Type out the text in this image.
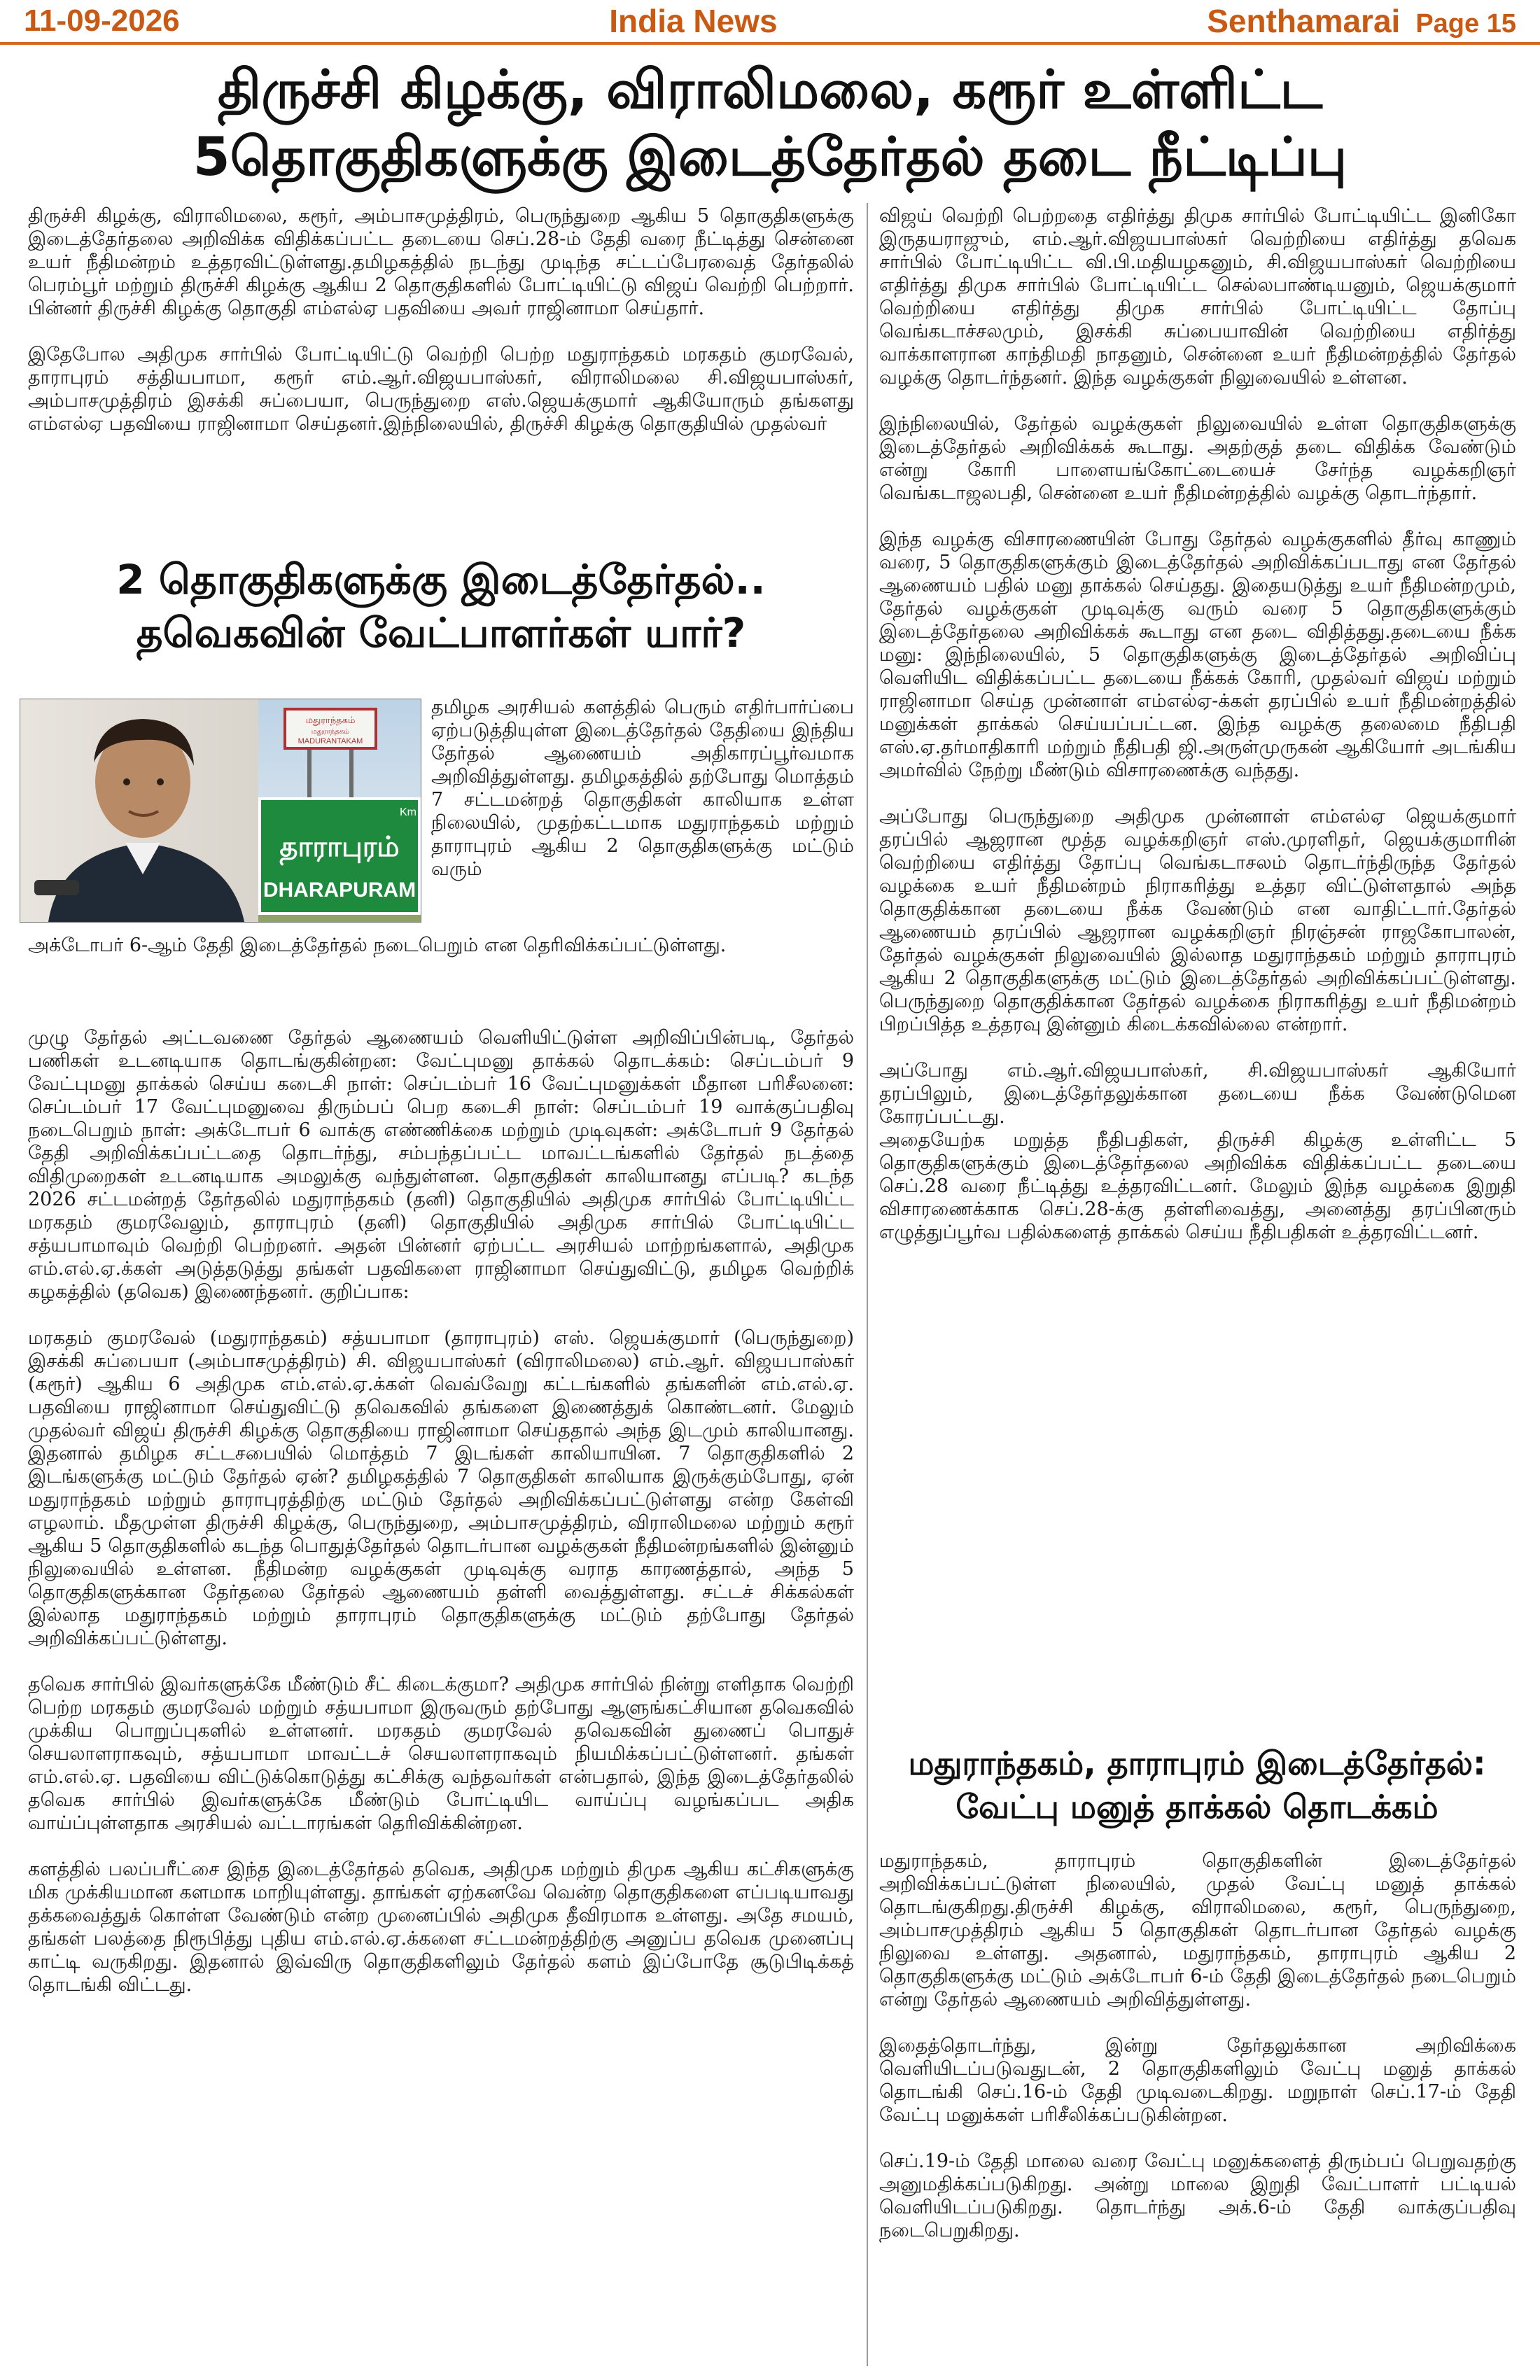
11-09-2026	India News	Senthamarai Page 15
திருச்சி கிழக்கு, விராலிமலை, கரூர் உள்ளிட்ட
5தொகுதிகளுக்கு இடைத்தேர்தல் தடை நீட்டிப்பு

திருச்சி கிழக்கு, விராலிமலை, கரூர், அம்பாசமுத்திரம், பெருந்துறை ஆகிய 5 தொகுதிகளுக்கு இடைத்தேர்தலை அறிவிக்க விதிக்கப்பட்ட தடையை செப்.28-ம் தேதி வரை நீட்டித்து சென்னை உயர் நீதிமன்றம் உத்தரவிட்டுள்ளது.தமிழகத்தில் நடந்து முடிந்த சட்டப்பேரவைத் தேர்தலில் பெரம்பூர் மற்றும் திருச்சி கிழக்கு ஆகிய 2 தொகுதிகளில் போட்டியிட்டு விஜய் வெற்றி பெற்றார். பின்னர் திருச்சி கிழக்கு தொகுதி எம்எல்ஏ பதவியை அவர் ராஜினாமா செய்தார்.

இதேபோல அதிமுக சார்பில் போட்டியிட்டு வெற்றி பெற்ற மதுராந்தகம் மரகதம் குமரவேல், தாராபுரம் சத்தியபாமா, கரூர் எம்.ஆர்.விஜயபாஸ்கர், விராலிமலை சி.விஜயபாஸ்கர், அம்பாசமுத்திரம் இசக்கி சுப்பையா, பெருந்துறை எஸ்.ஜெயக்குமார் ஆகியோரும் தங்களது எம்எல்ஏ பதவியை ராஜினாமா செய்தனர்.இந்நிலையில், திருச்சி கிழக்கு தொகுதியில் முதல்வர்

2 தொகுதிகளுக்கு இடைத்தேர்தல்..
தவெகவின் வேட்பாளர்கள் யார்?
மதுராந்தகம்
மதுராந்தகம்
MADURANTAKAM
Km
தாராபுரம்
DHARAPURAM

தமிழக அரசியல் களத்தில் பெரும் எதிர்பார்ப்பை ஏற்படுத்தியுள்ள இடைத்தேர்தல் தேதியை இந்திய தேர்தல் ஆணையம் அதிகாரப்பூர்வமாக அறிவித்துள்ளது. தமிழகத்தில் தற்போது மொத்தம் 7 சட்டமன்றத் தொகுதிகள் காலியாக உள்ள நிலையில், முதற்கட்டமாக மதுராந்தகம் மற்றும் தாராபுரம் ஆகிய 2 தொகுதிகளுக்கு மட்டும் வரும்

அக்டோபர் 6-ஆம் தேதி இடைத்தேர்தல் நடைபெறும் என தெரிவிக்கப்பட்டுள்ளது.

முழு தேர்தல் அட்டவணை தேர்தல் ஆணையம் வெளியிட்டுள்ள அறிவிப்பின்படி, தேர்தல் பணிகள் உடனடியாக தொடங்குகின்றன: வேட்புமனு தாக்கல் தொடக்கம்: செப்டம்பர் 9 வேட்புமனு தாக்கல் செய்ய கடைசி நாள்: செப்டம்பர் 16 வேட்புமனுக்கள் மீதான பரிசீலனை: செப்டம்பர் 17 வேட்புமனுவை திரும்பப் பெற கடைசி நாள்: செப்டம்பர் 19 வாக்குப்பதிவு நடைபெறும் நாள்: அக்டோபர் 6 வாக்கு எண்ணிக்கை மற்றும் முடிவுகள்: அக்டோபர் 9 தேர்தல் தேதி அறிவிக்கப்பட்டதை தொடர்ந்து, சம்பந்தப்பட்ட மாவட்டங்களில் தேர்தல் நடத்தை விதிமுறைகள் உடனடியாக அமலுக்கு வந்துள்ளன. தொகுதிகள் காலியானது எப்படி? கடந்த 2026 சட்டமன்றத் தேர்தலில் மதுராந்தகம் (தனி) தொகுதியில் அதிமுக சார்பில் போட்டியிட்ட மரகதம் குமரவேலும், தாராபுரம் (தனி) தொகுதியில் அதிமுக சார்பில் போட்டியிட்ட சத்யபாமாவும் வெற்றி பெற்றனர். அதன் பின்னர் ஏற்பட்ட அரசியல் மாற்றங்களால், அதிமுக எம்.எல்.ஏ.க்கள் அடுத்தடுத்து தங்கள் பதவிகளை ராஜினாமா செய்துவிட்டு, தமிழக வெற்றிக் கழகத்தில் (தவெக) இணைந்தனர். குறிப்பாக:

மரகதம் குமரவேல் (மதுராந்தகம்) சத்யபாமா (தாராபுரம்) எஸ். ஜெயக்குமார் (பெருந்துறை) இசக்கி சுப்பையா (அம்பாசமுத்திரம்) சி. விஜயபாஸ்கர் (விராலிமலை) எம்.ஆர். விஜயபாஸ்கர் (கரூர்) ஆகிய 6 அதிமுக எம்.எல்.ஏ.க்கள் வெவ்வேறு கட்டங்களில் தங்களின் எம்.எல்.ஏ. பதவியை ராஜினாமா செய்துவிட்டு தவெகவில் தங்களை இணைத்துக் கொண்டனர். மேலும் முதல்வர் விஜய் திருச்சி கிழக்கு தொகுதியை ராஜினாமா செய்ததால் அந்த இடமும் காலியானது. இதனால் தமிழக சட்டசபையில் மொத்தம் 7 இடங்கள் காலியாயின. 7 தொகுதிகளில் 2 இடங்களுக்கு மட்டும் தேர்தல் ஏன்? தமிழகத்தில் 7 தொகுதிகள் காலியாக இருக்கும்போது, ஏன் மதுராந்தகம் மற்றும் தாராபுரத்திற்கு மட்டும் தேர்தல் அறிவிக்கப்பட்டுள்ளது என்ற கேள்வி எழலாம். மீதமுள்ள திருச்சி கிழக்கு, பெருந்துறை, அம்பாசமுத்திரம், விராலிமலை மற்றும் கரூர் ஆகிய 5 தொகுதிகளில் கடந்த பொதுத்தேர்தல் தொடர்பான வழக்குகள் நீதிமன்றங்களில் இன்னும் நிலுவையில் உள்ளன. நீதிமன்ற வழக்குகள் முடிவுக்கு வராத காரணத்தால், அந்த 5 தொகுதிகளுக்கான தேர்தலை தேர்தல் ஆணையம் தள்ளி வைத்துள்ளது. சட்டச் சிக்கல்கள் இல்லாத மதுராந்தகம் மற்றும் தாராபுரம் தொகுதிகளுக்கு மட்டும் தற்போது தேர்தல் அறிவிக்கப்பட்டுள்ளது.

தவெக சார்பில் இவர்களுக்கே மீண்டும் சீட் கிடைக்குமா? அதிமுக சார்பில் நின்று எளிதாக வெற்றி பெற்ற மரகதம் குமரவேல் மற்றும் சத்யபாமா இருவரும் தற்போது ஆளுங்கட்சியான தவெகவில் முக்கிய பொறுப்புகளில் உள்ளனர். மரகதம் குமரவேல் தவெகவின் துணைப் பொதுச் செயலாளராகவும், சத்யபாமா மாவட்டச் செயலாளராகவும் நியமிக்கப்பட்டுள்ளனர். தங்கள் எம்.எல்.ஏ. பதவியை விட்டுக்கொடுத்து கட்சிக்கு வந்தவர்கள் என்பதால், இந்த இடைத்தேர்தலில் தவெக சார்பில் இவர்களுக்கே மீண்டும் போட்டியிட வாய்ப்பு வழங்கப்பட அதிக வாய்ப்புள்ளதாக அரசியல் வட்டாரங்கள் தெரிவிக்கின்றன.

களத்தில் பலப்பரீட்சை இந்த இடைத்தேர்தல் தவெக, அதிமுக மற்றும் திமுக ஆகிய கட்சிகளுக்கு மிக முக்கியமான களமாக மாறியுள்ளது. தாங்கள் ஏற்கனவே வென்ற தொகுதிகளை எப்படியாவது தக்கவைத்துக் கொள்ள வேண்டும் என்ற முனைப்பில் அதிமுக தீவிரமாக உள்ளது. அதே சமயம், தங்கள் பலத்தை நிரூபித்து புதிய எம்.எல்.ஏ.க்களை சட்டமன்றத்திற்கு அனுப்ப தவெக முனைப்பு காட்டி வருகிறது. இதனால் இவ்விரு தொகுதிகளிலும் தேர்தல் களம் இப்போதே சூடுபிடிக்கத் தொடங்கி விட்டது.

விஜய் வெற்றி பெற்றதை எதிர்த்து திமுக சார்பில் போட்டியிட்ட இனிகோ இருதயராஜும், எம்.ஆர்.விஜயபாஸ்கர் வெற்றியை எதிர்த்து தவெக சார்பில் போட்டியிட்ட வி.பி.மதியழகனும், சி.விஜயபாஸ்கர் வெற்றியை எதிர்த்து திமுக சார்பில் போட்டியிட்ட செல்லபாண்டியனும், ஜெயக்குமார் வெற்றியை எதிர்த்து திமுக சார்பில் போட்டியிட்ட தோப்பு வெங்கடாச்சலமும், இசக்கி சுப்பையாவின் வெற்றியை எதிர்த்து வாக்காளரான காந்திமதி நாதனும், சென்னை உயர் நீதிமன்றத்தில் தேர்தல் வழக்கு தொடர்ந்தனர். இந்த வழக்குகள் நிலுவையில் உள்ளன.

இந்நிலையில், தேர்தல் வழக்குகள் நிலுவையில் உள்ள தொகுதிகளுக்கு இடைத்தேர்தல் அறிவிக்கக் கூடாது. அதற்குத் தடை விதிக்க வேண்டும் என்று கோரி பாளையங்கோட்டையைச் சேர்ந்த வழக்கறிஞர் வெங்கடாஜலபதி, சென்னை உயர் நீதிமன்றத்தில் வழக்கு தொடர்ந்தார்.

இந்த வழக்கு விசாரணையின் போது தேர்தல் வழக்குகளில் தீர்வு காணும் வரை, 5 தொகுதிகளுக்கும் இடைத்தேர்தல் அறிவிக்கப்படாது என தேர்தல் ஆணையம் பதில் மனு தாக்கல் செய்தது. இதையடுத்து உயர் நீதிமன்றமும், தேர்தல் வழக்குகள் முடிவுக்கு வரும் வரை 5 தொகுதிகளுக்கும் இடைத்தேர்தலை அறிவிக்கக் கூடாது என தடை விதித்தது.தடையை நீக்க மனு: இந்நிலையில், 5 தொகுதிகளுக்கு இடைத்தேர்தல் அறிவிப்பு வெளியிட விதிக்கப்பட்ட தடையை நீக்கக் கோரி, முதல்வர் விஜய் மற்றும் ராஜினாமா செய்த முன்னாள் எம்எல்ஏ-க்கள் தரப்பில் உயர் நீதிமன்றத்தில் மனுக்கள் தாக்கல் செய்யப்பட்டன. இந்த வழக்கு தலைமை நீதிபதி எஸ்.ஏ.தர்மாதிகாரி மற்றும் நீதிபதி ஜி.அருள்முருகன் ஆகியோர் அடங்கிய அமர்வில் நேற்று மீண்டும் விசாரணைக்கு வந்தது.

அப்போது பெருந்துறை அதிமுக முன்னாள் எம்எல்ஏ ஜெயக்குமார் தரப்பில் ஆஜரான மூத்த வழக்கறிஞர் எஸ்.முரளிதர், ஜெயக்குமாரின் வெற்றியை எதிர்த்து தோப்பு வெங்கடாசலம் தொடர்ந்திருந்த தேர்தல் வழக்கை உயர் நீதிமன்றம் நிராகரித்து உத்தர விட்டுள்ளதால் அந்த தொகுதிக்கான தடையை நீக்க வேண்டும் என வாதிட்டார்.தேர்தல் ஆணையம் தரப்பில் ஆஜரான வழக்கறிஞர் நிரஞ்சன் ராஜகோபாலன், தேர்தல் வழக்குகள் நிலுவையில் இல்லாத மதுராந்தகம் மற்றும் தாராபுரம் ஆகிய 2 தொகுதிகளுக்கு மட்டும் இடைத்தேர்தல் அறிவிக்கப்பட்டுள்ளது. பெருந்துறை தொகுதிக்கான தேர்தல் வழக்கை நிராகரித்து உயர் நீதிமன்றம் பிறப்பித்த உத்தரவு இன்னும் கிடைக்கவில்லை என்றார்.

அப்போது எம்.ஆர்.விஜயபாஸ்கர், சி.விஜயபாஸ்கர் ஆகியோர் தரப்பிலும், இடைத்தேர்தலுக்கான தடையை நீக்க வேண்டுமென கோரப்பட்டது.

அதையேற்க மறுத்த நீதிபதிகள், திருச்சி கிழக்கு உள்ளிட்ட 5 தொகுதிகளுக்கும் இடைத்தேர்தலை அறிவிக்க விதிக்கப்பட்ட தடையை செப்.28 வரை நீட்டித்து உத்தரவிட்டனர். மேலும் இந்த வழக்கை இறுதி விசாரணைக்காக செப்.28-க்கு தள்ளிவைத்து, அனைத்து தரப்பினரும் எழுத்துப்பூர்வ பதில்களைத் தாக்கல் செய்ய நீதிபதிகள் உத்தரவிட்டனர்.

மதுராந்தகம், தாராபுரம் இடைத்தேர்தல்:
வேட்பு மனுத் தாக்கல் தொடக்கம்

மதுராந்தகம், தாராபுரம் தொகுதிகளின் இடைத்தேர்தல் அறிவிக்கப்பட்டுள்ள நிலையில், முதல் வேட்பு மனுத் தாக்கல் தொடங்குகிறது.திருச்சி கிழக்கு, விராலிமலை, கரூர், பெருந்துறை, அம்பாசமுத்திரம் ஆகிய 5 தொகுதிகள் தொடர்பான தேர்தல் வழக்கு நிலுவை உள்ளது. அதனால், மதுராந்தகம், தாராபுரம் ஆகிய 2 தொகுதிகளுக்கு மட்டும் அக்டோபர் 6-ம் தேதி இடைத்தேர்தல் நடைபெறும் என்று தேர்தல் ஆணையம் அறிவித்துள்ளது.

இதைத்தொடர்ந்து, இன்று தேர்தலுக்கான அறிவிக்கை வெளியிடப்படுவதுடன், 2 தொகுதிகளிலும் வேட்பு மனுத் தாக்கல் தொடங்கி செப்.16-ம் தேதி முடிவடைகிறது. மறுநாள் செப்.17-ம் தேதி வேட்பு மனுக்கள் பரிசீலிக்கப்படுகின்றன.

செப்.19-ம் தேதி மாலை வரை வேட்பு மனுக்களைத் திரும்பப் பெறுவதற்கு அனுமதிக்கப்படுகிறது. அன்று மாலை இறுதி வேட்பாளர் பட்டியல் வெளியிடப்படுகிறது. தொடர்ந்து அக்.6-ம் தேதி வாக்குப்பதிவு நடைபெறுகிறது.
